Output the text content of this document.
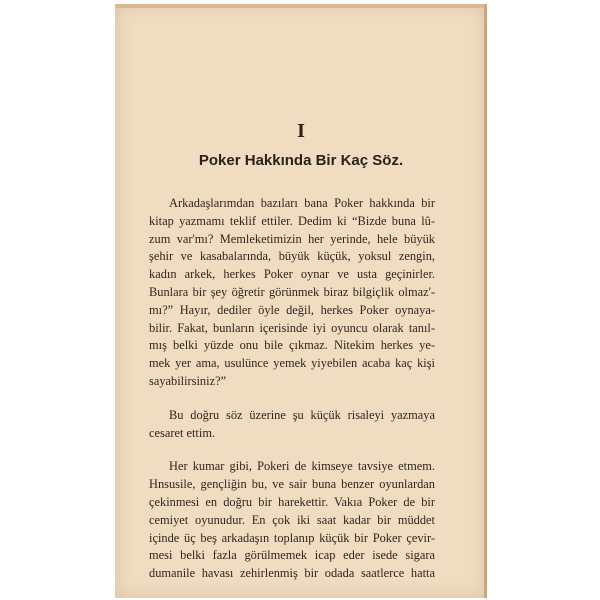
I
Poker Hakkında Bir Kaç Söz.
Arkadaşlarımdan bazıları bana Poker hakkında bir
kitap yazmamı teklif ettiler. Dedim ki “Bizde buna lû-
zum var'mı? Memleketimizin her yerinde, hele büyük
şehir ve kasabalarında, büyük küçük, yoksul zengin,
kadın arkek, herkes Poker oynar ve usta geçinirler.
Bunlara bir şey öğretir görünmek biraz bilgiçlik olmaz'-
mı?” Hayır, dediler öyle değil, herkes Poker oynaya-
bilir. Fakat, bunların içerisinde iyi oyuncu olarak tanıl-
mış belki yüzde onu bile çıkmaz. Nitekim herkes ye-
mek yer ama, usulünce yemek yiyebilen acaba kaç kişi
sayabilirsiniz?”
Bu doğru söz üzerine şu küçük risaleyi yazmaya
cesaret ettim.
Her kumar gibi, Pokeri de kimseye tavsiye etmem.
Hnsusile, gençliğin bu, ve sair buna benzer oyunlardan
çekinmesi en doğru bir harekettir. Vakıa Poker de bir
cemiyet oyunudur. En çok iki saat kadar bir müddet
içinde üç beş arkadaşın toplanıp küçük bir Poker çevir-
mesi belki fazla görülmemek icap eder isede sigara
dumanile havası zehirlenmiş bir odada saatlerce hatta
